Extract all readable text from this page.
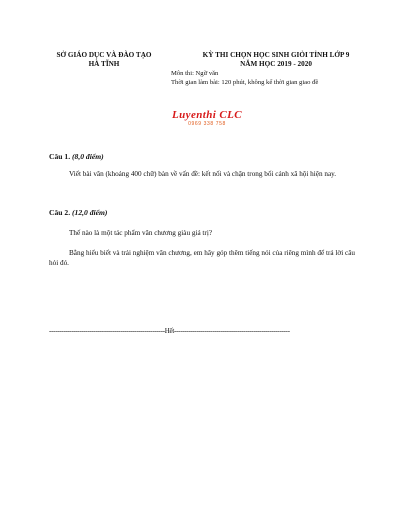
SỞ GIÁO DỤC VÀ ĐÀO TẠO
HÀ TĨNH
KỲ THI CHỌN HỌC SINH GIỎI TỈNH LỚP 9
NĂM HỌC 2019 - 2020
Môn thi: Ngữ văn
Thời gian làm bài: 120 phút, không kể thời gian giao đề
Luyenthi CLC
0969 338 758
Câu 1. (8,0 điểm)
Viết bài văn (khoảng 400 chữ) bàn về vấn đề: kết nối và chặn trong bối cảnh xã hội hiện nay.
Câu 2. (12,0 điểm)
Thế nào là một tác phẩm văn chương giàu giá trị?
Bằng hiểu biết và trải nghiệm văn chương, em hãy góp thêm tiếng nói của riêng mình để trả lời câu hỏi đó.
---------------------------------------------------------Hết---------------------------------------------------------
